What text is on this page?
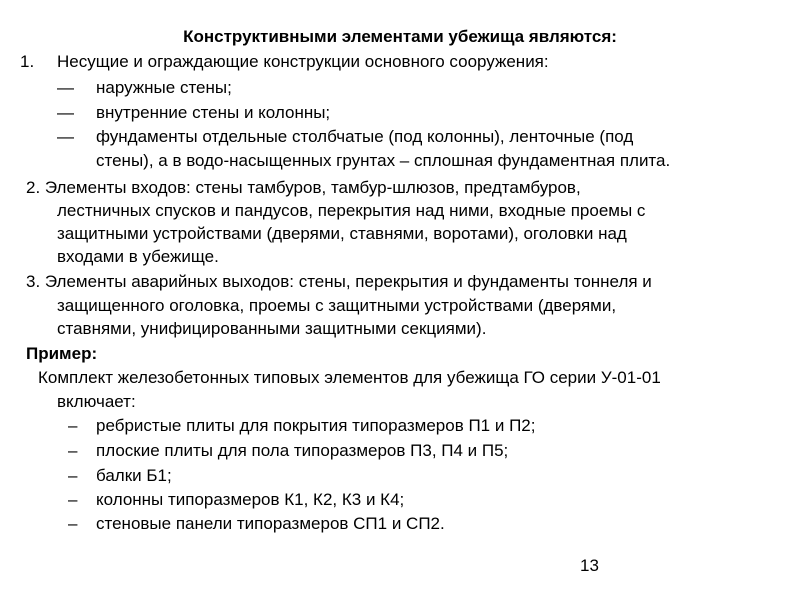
Конструктивными элементами убежища являются:
1. Несущие и ограждающие конструкции основного сооружения:
— наружные стены;
— внутренние стены и колонны;
— фундаменты отдельные столбчатые (под колонны), ленточные (под
стены), а в водо-насыщенных грунтах – сплошная фундаментная плита.
2. Элементы входов: стены тамбуров, тамбур-шлюзов, предтамбуров,
лестничных спусков и пандусов, перекрытия над ними, входные проемы с
защитными устройствами (дверями, ставнями, воротами), оголовки над
входами в убежище.
3. Элементы аварийных выходов: стены, перекрытия и фундаменты тоннеля и
защищенного оголовка, проемы с защитными устройствами (дверями,
ставнями, унифицированными защитными секциями).
Пример:
Комплект железобетонных типовых элементов для убежища ГО серии У-01-01
включает:
– ребристые плиты для покрытия типоразмеров П1 и П2;
– плоские плиты для пола типоразмеров П3, П4 и П5;
– балки Б1;
– колонны типоразмеров К1, К2, К3 и К4;
– стеновые панели типоразмеров СП1 и СП2.
13
